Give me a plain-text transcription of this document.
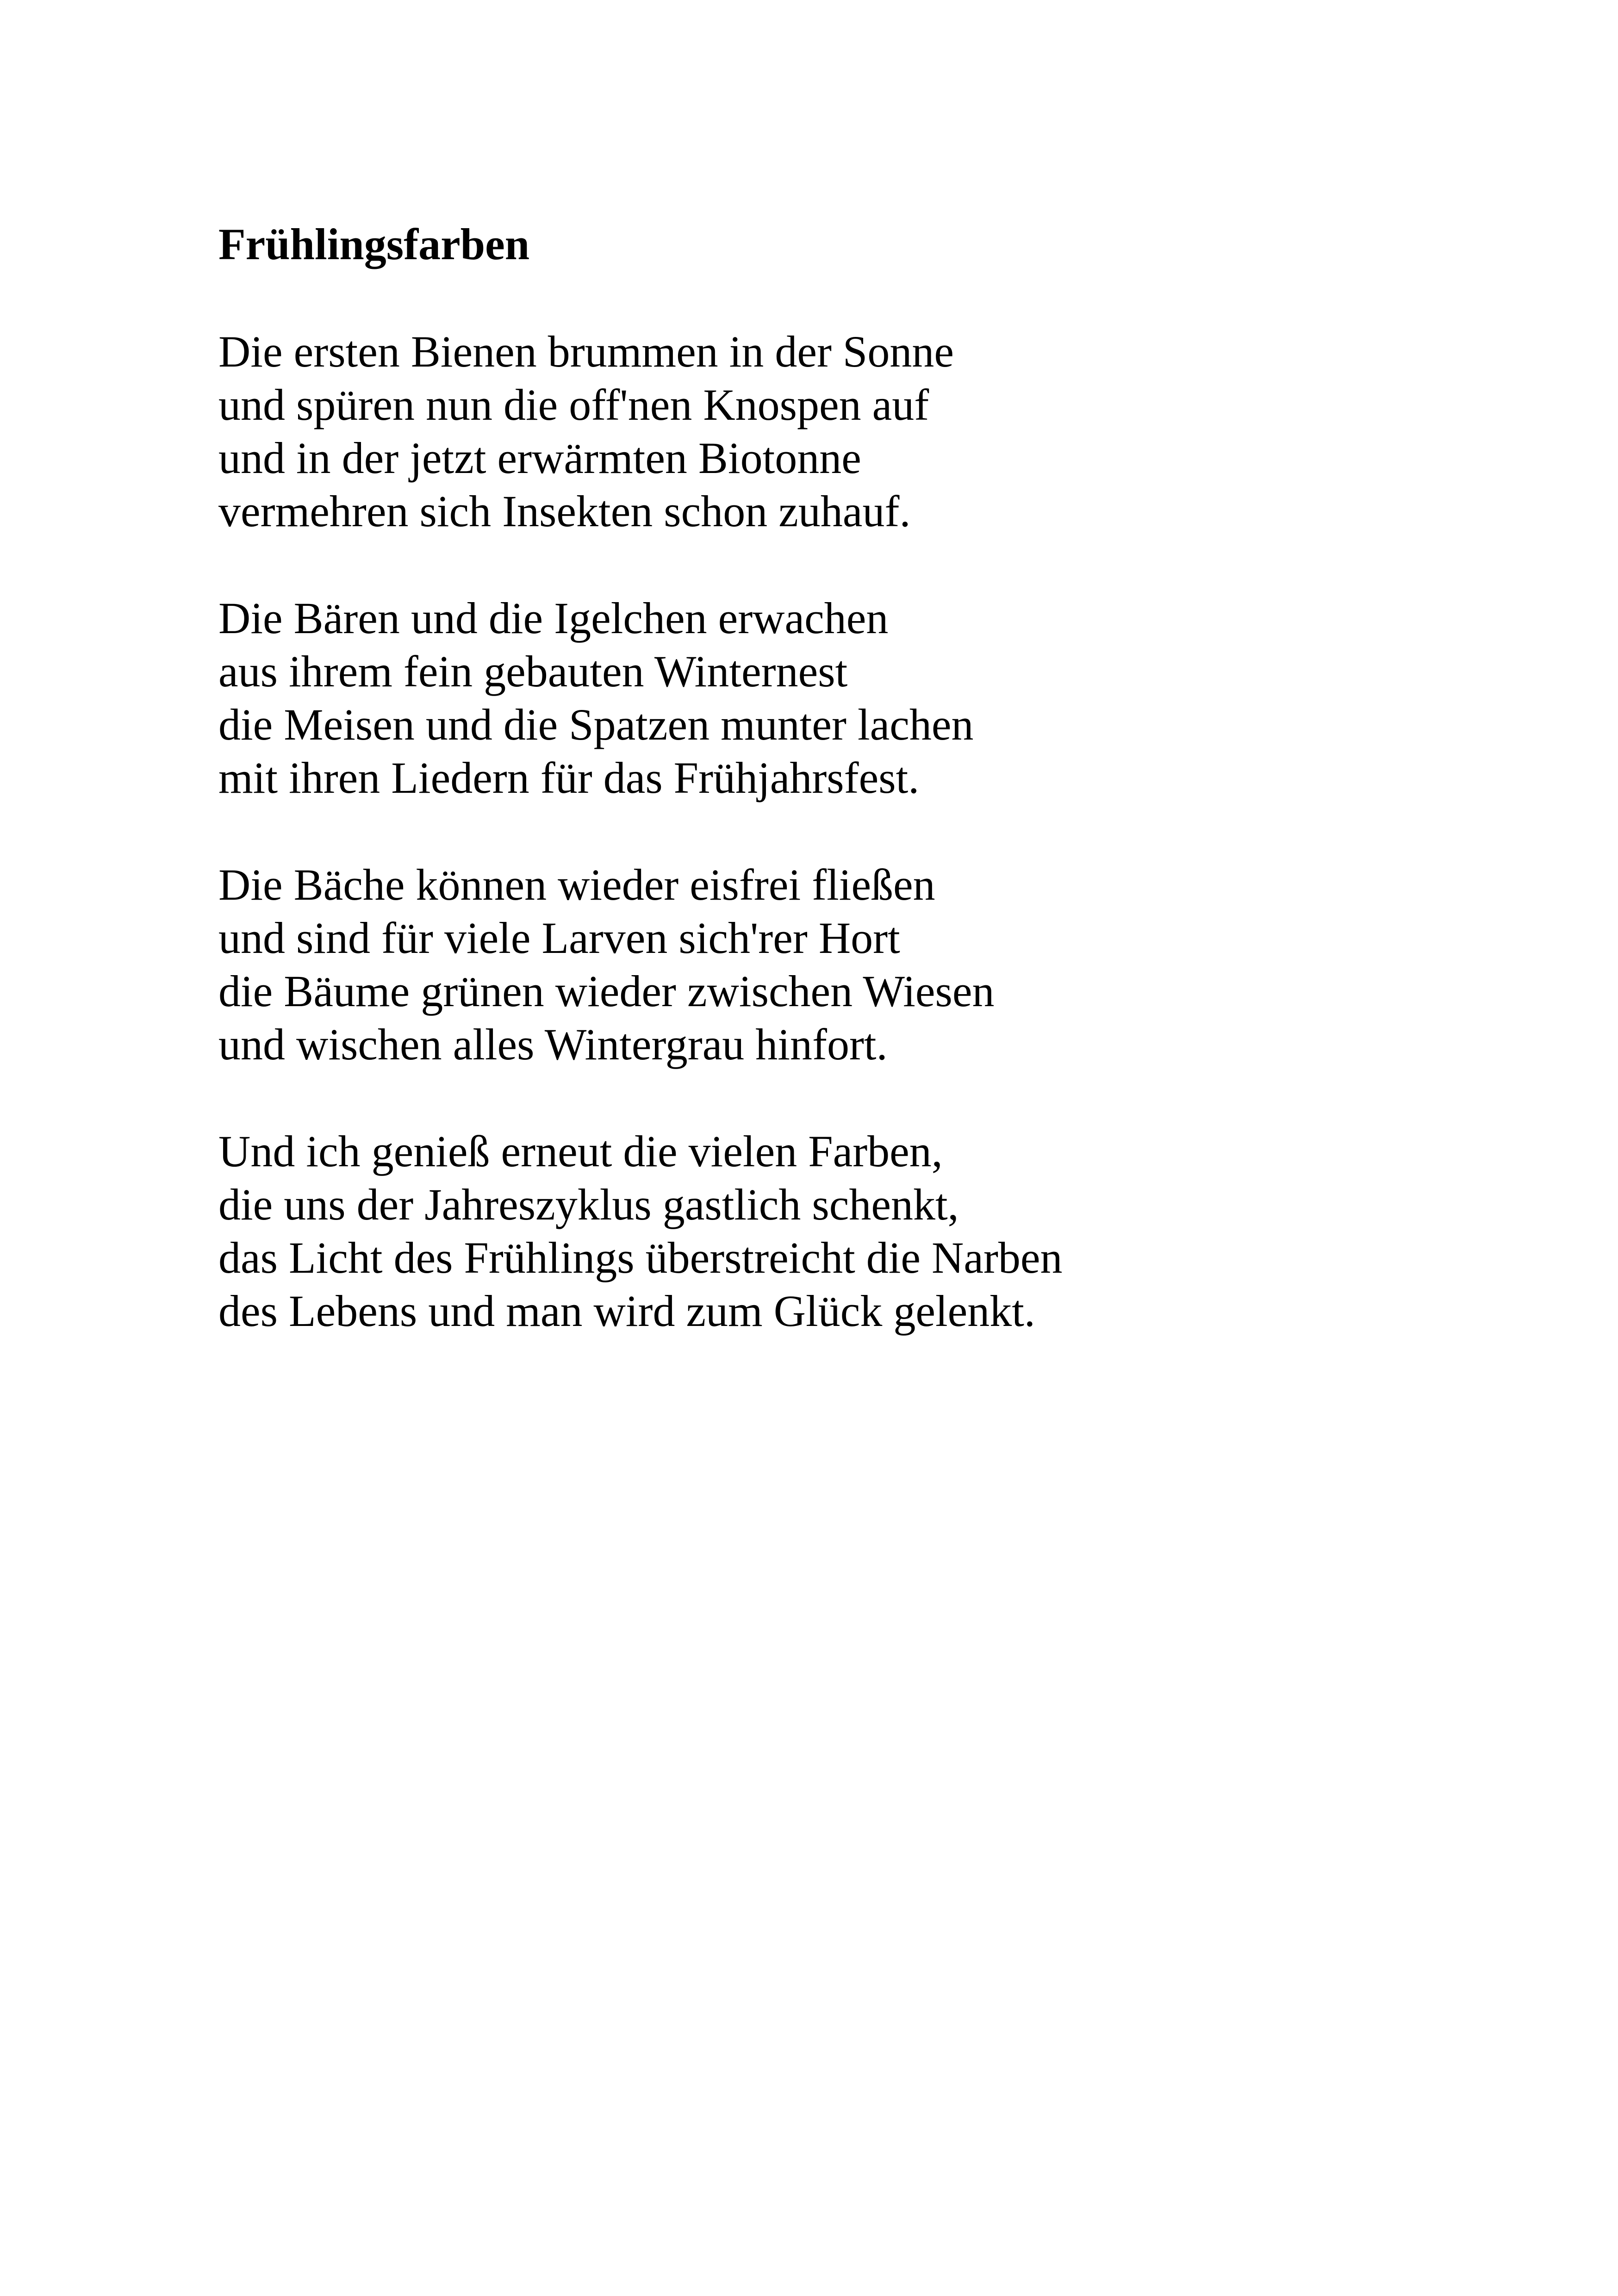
Frühlingsfarben
Die ersten Bienen brummen in der Sonne
und spüren nun die off'nen Knospen auf
und in der jetzt erwärmten Biotonne
vermehren sich Insekten schon zuhauf.
Die Bären und die Igelchen erwachen
aus ihrem fein gebauten Winternest
die Meisen und die Spatzen munter lachen
mit ihren Liedern für das Frühjahrsfest.
Die Bäche können wieder eisfrei fließen
und sind für viele Larven sich'rer Hort
die Bäume grünen wieder zwischen Wiesen
und wischen alles Wintergrau hinfort.
Und ich genieß erneut die vielen Farben,
die uns der Jahreszyklus gastlich schenkt,
das Licht des Frühlings überstreicht die Narben
des Lebens und man wird zum Glück gelenkt.
